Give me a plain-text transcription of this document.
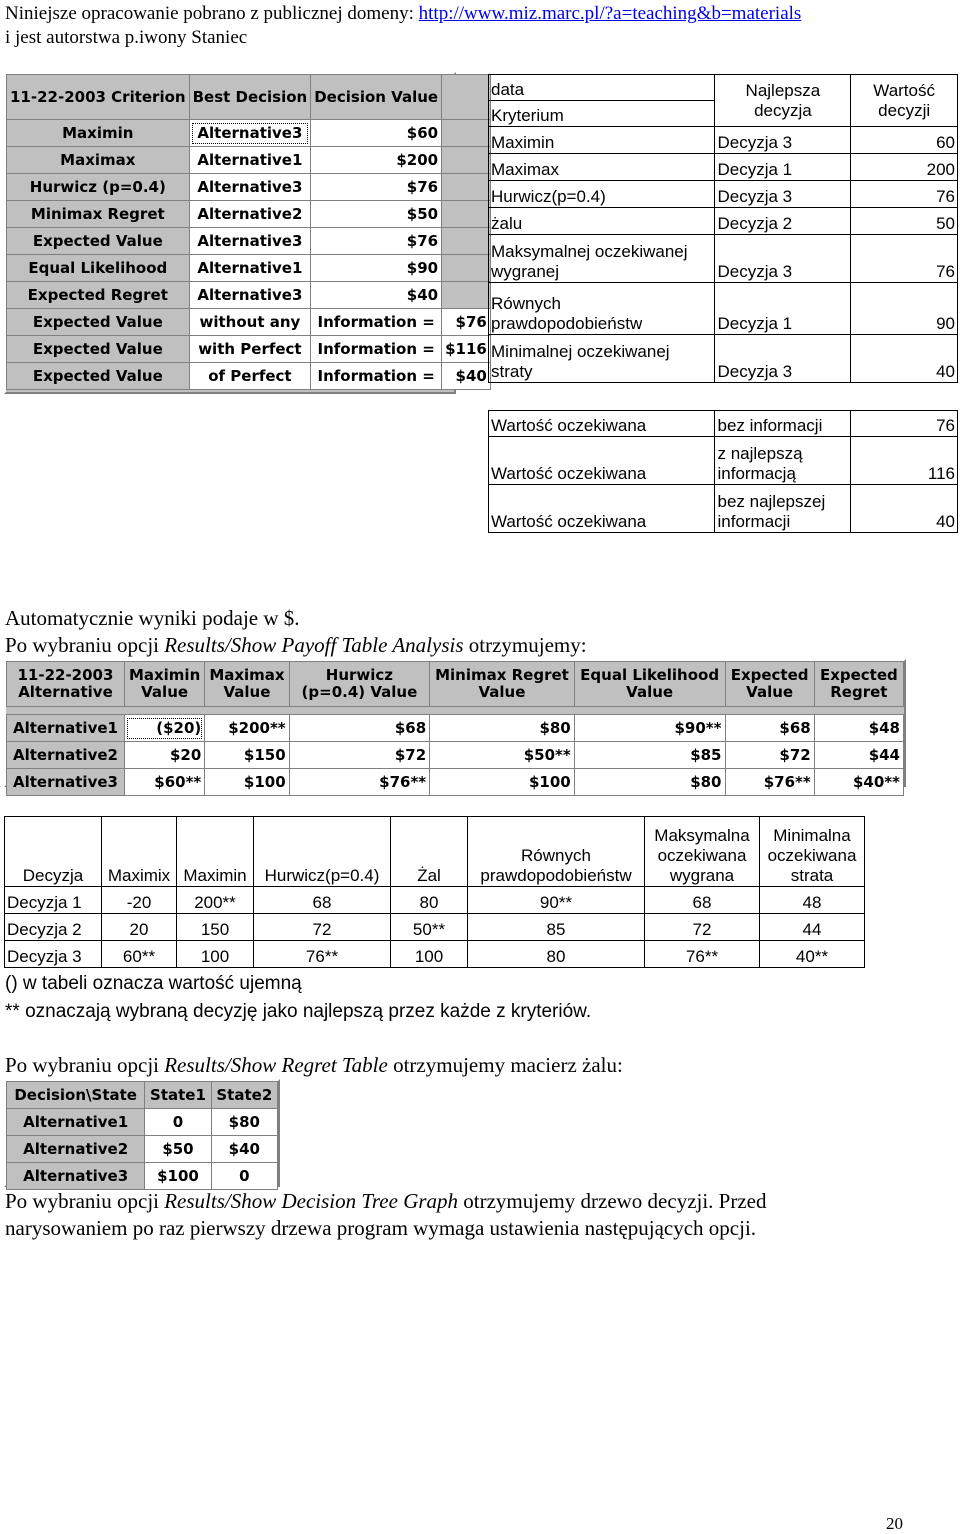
Niniejsze opracowanie pobrano z publicznej domeny: http://www.miz.marc.pl/?a=teaching&b=materials
i jest autorstwa p.iwony Staniec
11-22-2003 Criterion	Best Decision	Decision Value	
Maximin	Alternative3	$60	
Maximax	Alternative1	$200	
Hurwicz (p=0.4)	Alternative3	$76	
Minimax Regret	Alternative2	$50	
Expected Value	Alternative3	$76	
Equal Likelihood	Alternative1	$90	
Expected Regret	Alternative3	$40	
Expected Value	without any	Information =	$76
Expected Value	with Perfect	Information =	$116
Expected Value	of Perfect	Information =	$40
data	Najlepsza decyzja	Wartość decyzji
Kryterium		
Maximin	Decyzja 3	60
Maximax	Decyzja 1	200
Hurwicz(p=0.4)	Decyzja 3	76
żalu	Decyzja 2	50
Maksymalnej oczekiwanej wygranej	Decyzja 3	76
Równych prawdopodobieństw	Decyzja 1	90
Minimalnej oczekiwanej straty	Decyzja 3	40

Wartość oczekiwana	bez informacji	76
Wartość oczekiwana	z najlepszą informacją	116
Wartość oczekiwana	bez najlepszej informacji	40
Automatycznie wyniki podaje w $.
Po wybraniu opcji Results/Show Payoff Table Analysis otrzymujemy:
11-22-2003 Alternative	Maximin Value	Maximax Value	Hurwicz (p=0.4) Value	Minimax Regret Value	Equal Likelihood Value	Expected Value	Expected Regret

Alternative1	($20)	$200**	$68	$80	$90**	$68	$48
Alternative2	$20	$150	$72	$50**	$85	$72	$44
Alternative3	$60**	$100	$76**	$100	$80	$76**	$40**
Decyzja	Maximix	Maximin	Hurwicz(p=0.4)	Żal	Równych prawdopodobieństw	Maksymalna oczekiwana wygrana	Minimalna oczekiwana strata
Decyzja 1	-20	200**	68	80	90**	68	48
Decyzja 2	20	150	72	50**	85	72	44
Decyzja 3	60**	100	76**	100	80	76**	40**
() w tabeli oznacza wartość ujemną
** oznaczają wybraną decyzję jako najlepszą przez każde z kryteriów.
Po wybraniu opcji Results/Show Regret Table otrzymujemy macierz żalu:
Decision\State	State1	State2
Alternative1	0	$80
Alternative2	$50	$40
Alternative3	$100	0
Po wybraniu opcji Results/Show Decision Tree Graph otrzymujemy drzewo decyzji. Przed
narysowaniem po raz pierwszy drzewa program wymaga ustawienia następujących opcji.
20
